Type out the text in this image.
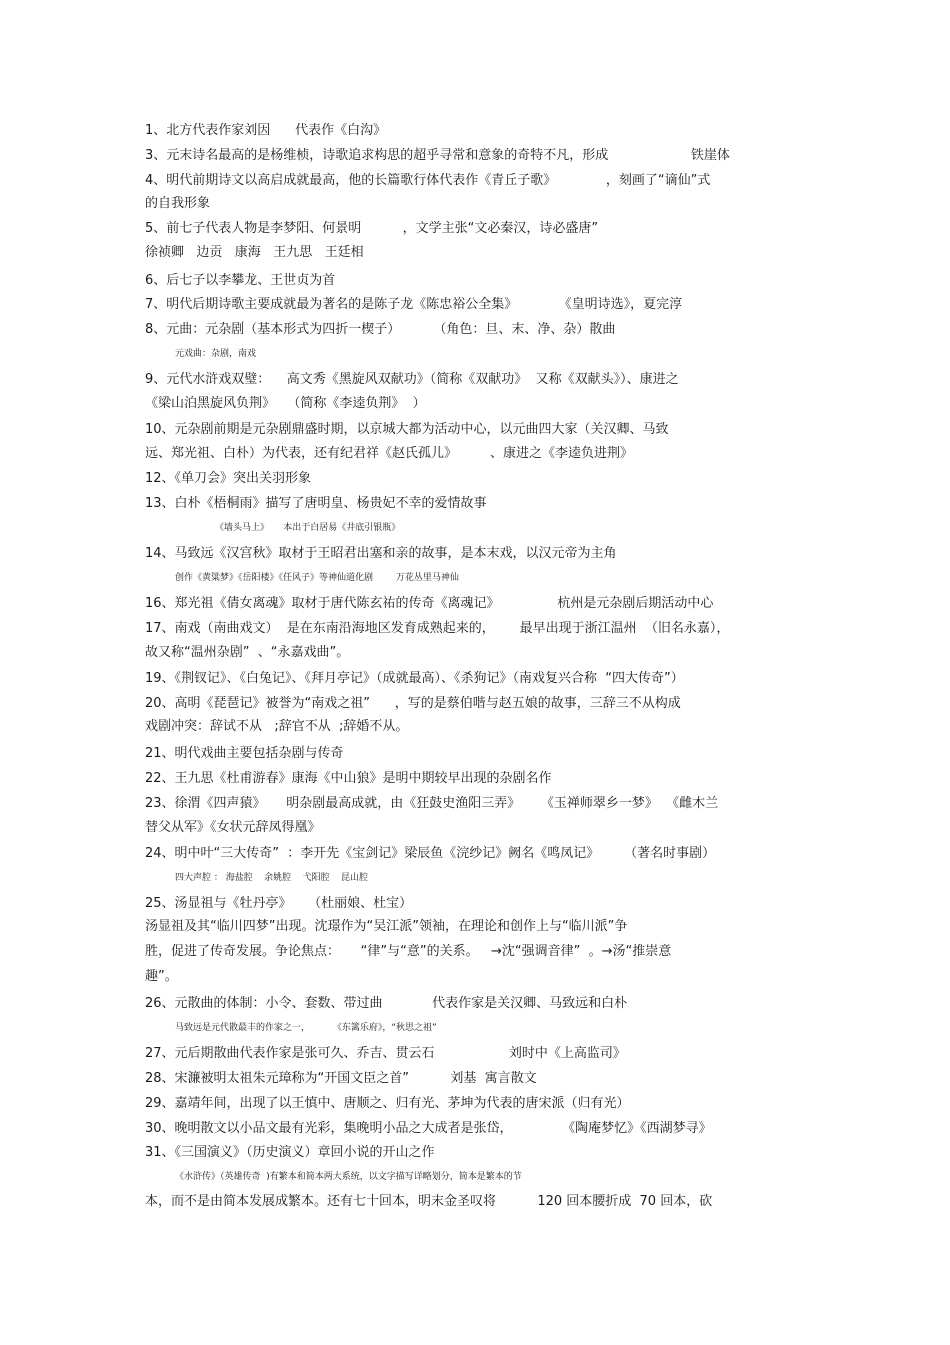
1、北方代表作家刘因      代表作《白沟》
3、元末诗名最高的是杨维桢，诗歌追求构思的超乎寻常和意象的奇特不凡，形成                    铁崖体
4、明代前期诗文以高启成就最高，他的长篇歌行体代表作《青丘子歌》            ，刻画了“谪仙”式
的自我形象
5、前七子代表人物是李梦阳、何景明          ，文学主张“文必秦汉，诗必盛唐”
徐祯卿   边贡   康海   王九思   王廷相
6、后七子以李攀龙、王世贞为首
7、明代后期诗歌主要成就最为著名的是陈子龙《陈忠裕公全集》          《皇明诗选》，夏完淳
8、元曲：元杂剧（基本形式为四折一楔子）        （角色：旦、末、净、杂）散曲
元戏曲：杂剧，南戏
9、元代水浒戏双璧：    高文秀《黑旋风双献功》（简称《双献功》  又称《双献头》）、康进之
《梁山泊黑旋风负荆》   （简称《李逵负荆》  ）
10、元杂剧前期是元杂剧鼎盛时期，以京城大都为活动中心，以元曲四大家（关汉卿、马致
远、郑光祖、白朴）为代表，还有纪君祥《赵氏孤儿》        、康进之《李逵负进荆》
12、《单刀会》突出关羽形象
13、白朴《梧桐雨》描写了唐明皇、杨贵妃不幸的爱情故事
《墙头马上》     本出于白居易《井底引银瓶》
14、马致远《汉宫秋》取材于王昭君出塞和亲的故事，是本末戏，以汉元帝为主角
创作《黄粱梦》《岳阳楼》《任风子》等神仙道化剧        万花丛里马神仙
16、郑光祖《倩女离魂》取材于唐代陈玄祐的传奇《离魂记》              杭州是元杂剧后期活动中心
17、南戏（南曲戏文）  是在东南沿海地区发育成熟起来的，      最早出现于浙江温州  （旧名永嘉），
故又称“温州杂剧”  、“永嘉戏曲”。
19、《荆钗记》、《白兔记》、《拜月亭记》（成就最高）、《杀狗记》（南戏复兴合称  “四大传奇”）
20、高明《琵琶记》被誉为“南戏之祖”      ，写的是蔡伯喈与赵五娘的故事，三辞三不从构成
戏剧冲突：辞试不从   ;辞官不从  ;辞婚不从。
21、明代戏曲主要包括杂剧与传奇
22、王九思《杜甫游春》康海《中山狼》是明中期较早出现的杂剧名作
23、徐渭《四声猿》     明杂剧最高成就，由《狂鼓史渔阳三弄》     《玉禅师翠乡一梦》  《雌木兰
替父从军》《女状元辞凤得凰》
24、明中叶“三大传奇”  ：李开先《宝剑记》梁辰鱼《浣纱记》阙名《鸣凤记》      （著名时事剧）
四大声腔 ： 海盐腔    余姚腔    弋阳腔    昆山腔
25、汤显祖与《牡丹亭》    （杜丽娘、杜宝）
汤显祖及其“临川四梦”出现。沈璟作为“吴江派”领袖，在理论和创作上与“临川派”争
胜，促进了传奇发展。争论焦点：     “律”与“意”的关系。   →沈“强调音律”  。→汤“推崇意
趣”。
26、元散曲的体制：小令、套数、带过曲            代表作家是关汉卿、马致远和白朴
马致远是元代散最丰的作家之一，        《东篱乐府》，“秋思之祖”
27、元后期散曲代表作家是张可久、乔吉、贯云石                  刘时中《上高监司》
28、宋濂被明太祖朱元璋称为“开国文臣之首”          刘基  寓言散文
29、嘉靖年间，出现了以王慎中、唐顺之、归有光、茅坤为代表的唐宋派（归有光）
30、晚明散文以小品文最有光彩，集晚明小品之大成者是张岱，            《陶庵梦忆》《西湖梦寻》
31、《三国演义》（历史演义）章回小说的开山之作
《水浒传》（英雄传奇  )有繁本和简本两大系统，以文字描写详略划分，简本是繁本的节
本，而不是由简本发展成繁本。还有七十回本，明末金圣叹将          120 回本腰折成  70 回本，砍
